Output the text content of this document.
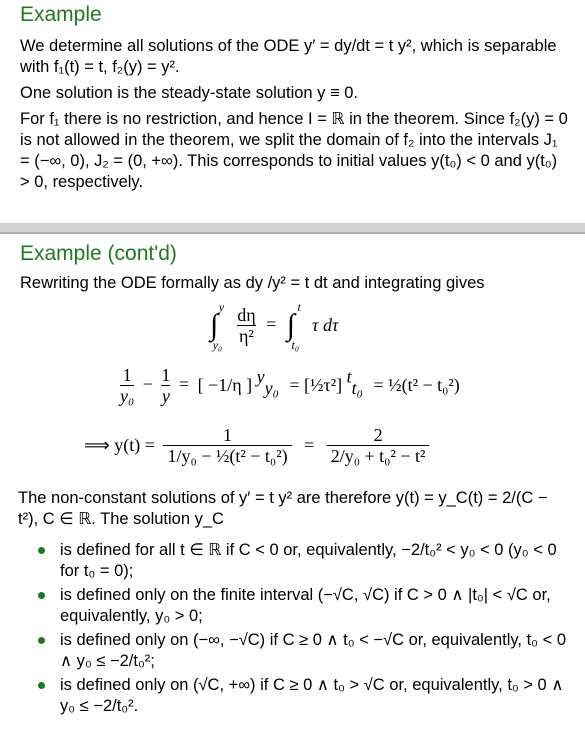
Example

We determine all solutions of the ODE y′ = dy/dt = t y², which is separable with f₁(t) = t, f₂(y) = y².

One solution is the steady-state solution y ≡ 0.

For f₁ there is no restriction, and hence I = ℝ in the theorem. Since f₂(y) = 0 is not allowed in the theorem, we split the domain of f₂ into the intervals J₁ = (−∞, 0), J₂ = (0, +∞). This corresponds to initial values y(t₀) < 0 and y(t₀) > 0, respectively.

Example (cont'd)

Rewriting the ODE formally as dy /y² = t dt and integrating gives

∫
y
y₀
$\frac{d\eta}{\text{η²}}$ = ∫
t
t₀
τ dτ
$\frac{1}{\text{y₀}} - \frac{1}{y}$ = [ −1/η ] $^y_{y_0}$ = [½τ²] $^t_{t_0}$ = ½(t² − t₀²)
⟹ $y(t) = \frac{1}{\text{1/y₀ − ½(t² − t₀²)}} = \frac{2}{\text{2/y₀ + t₀² − t²}}$

The non-constant solutions of y′ = t y² are therefore y(t) = y_C(t) = 2/(C − t²), C ∈ ℝ. The solution y_C

is defined for all t ∈ ℝ if C < 0 or, equivalently, −2/t₀² < y₀ < 0 (y₀ < 0 for t₀ = 0);
is defined only on the finite interval (−√C, √C) if C > 0 ∧ |t₀| < √C or, equivalently, y₀ > 0;
is defined only on (−∞, −√C) if C ≥ 0 ∧ t₀ < −√C or, equivalently, t₀ < 0 ∧ y₀ ≤ −2/t₀²;
is defined only on (√C, +∞) if C ≥ 0 ∧ t₀ > √C or, equivalently, t₀ > 0 ∧ y₀ ≤ −2/t₀².
